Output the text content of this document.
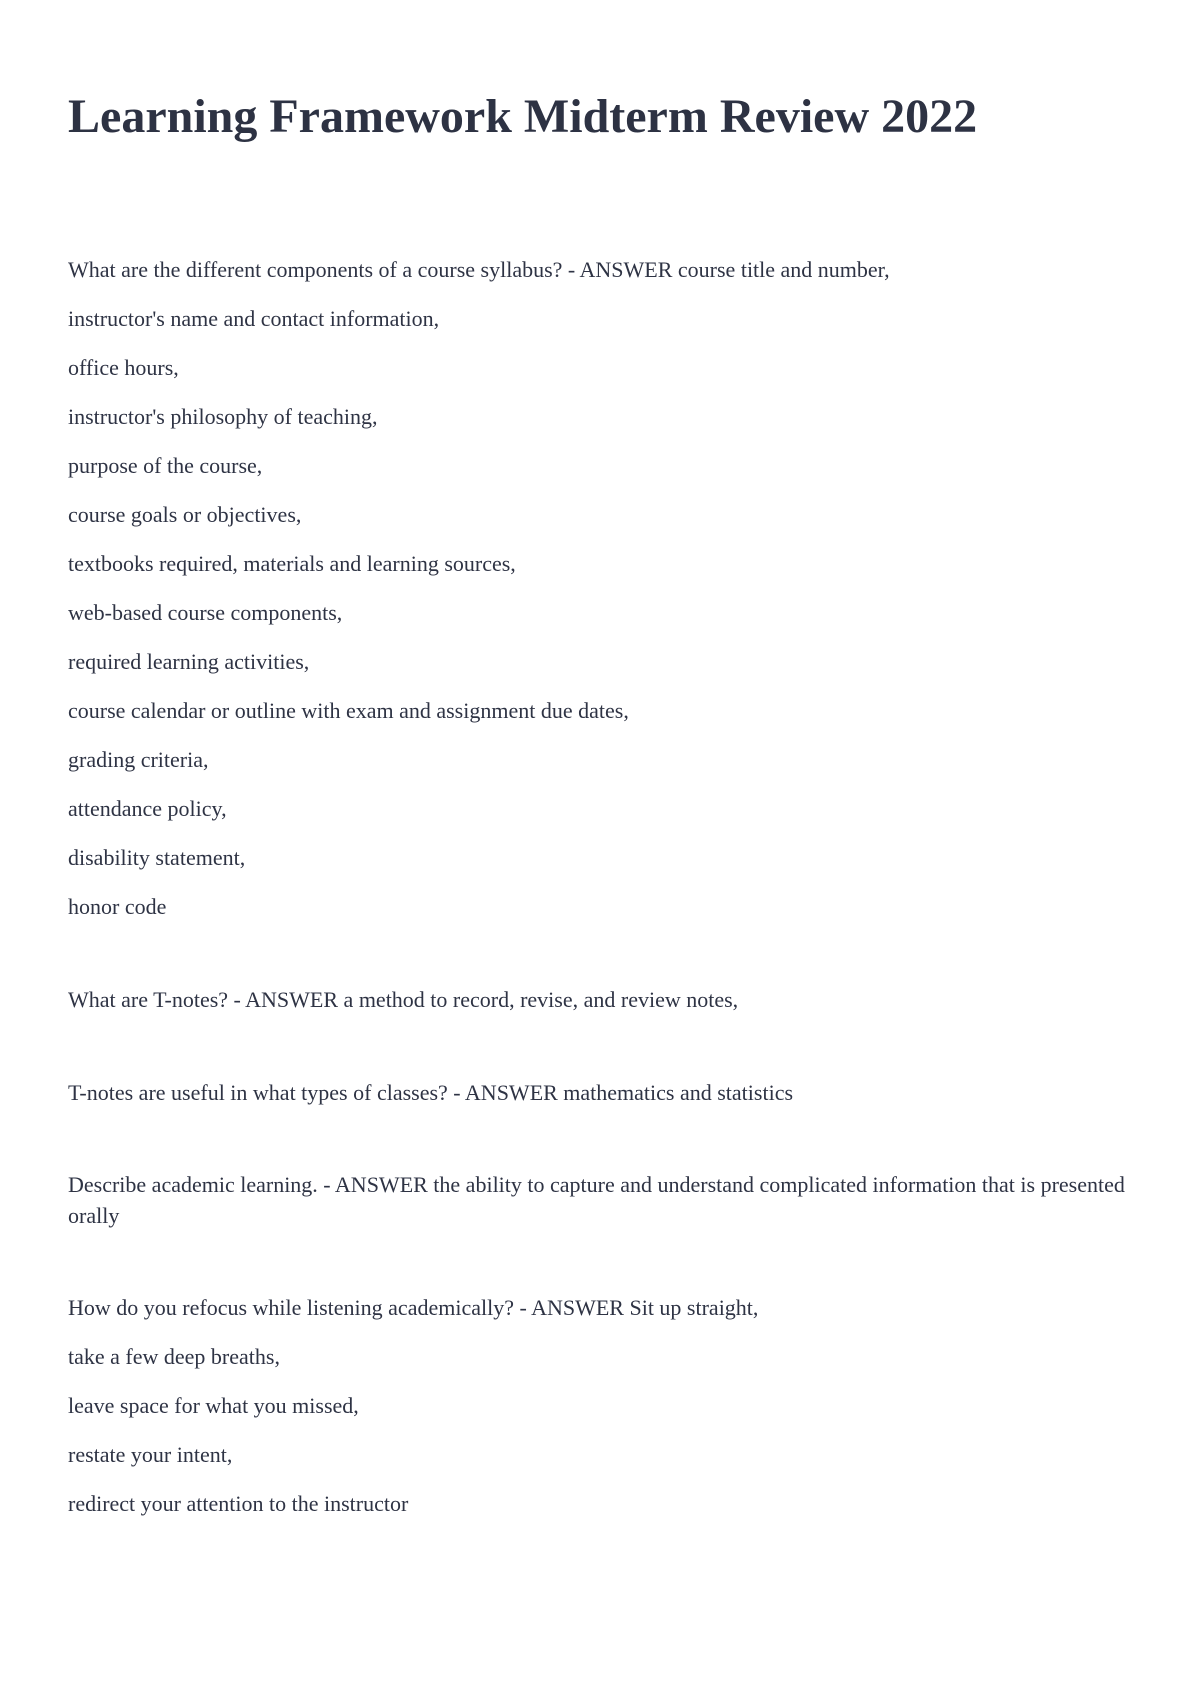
Learning Framework Midterm Review 2022
What are the different components of a course syllabus? - ANSWER course title and number,
instructor's name and contact information,
office hours,
instructor's philosophy of teaching,
purpose of the course,
course goals or objectives,
textbooks required, materials and learning sources,
web-based course components,
required learning activities,
course calendar or outline with exam and assignment due dates,
grading criteria,
attendance policy,
disability statement,
honor code
What are T-notes? - ANSWER a method to record, revise, and review notes,
T-notes are useful in what types of classes? - ANSWER mathematics and statistics
Describe academic learning. - ANSWER the ability to capture and understand complicated information that is presented orally
How do you refocus while listening academically? - ANSWER Sit up straight,
take a few deep breaths,
leave space for what you missed,
restate your intent,
redirect your attention to the instructor
